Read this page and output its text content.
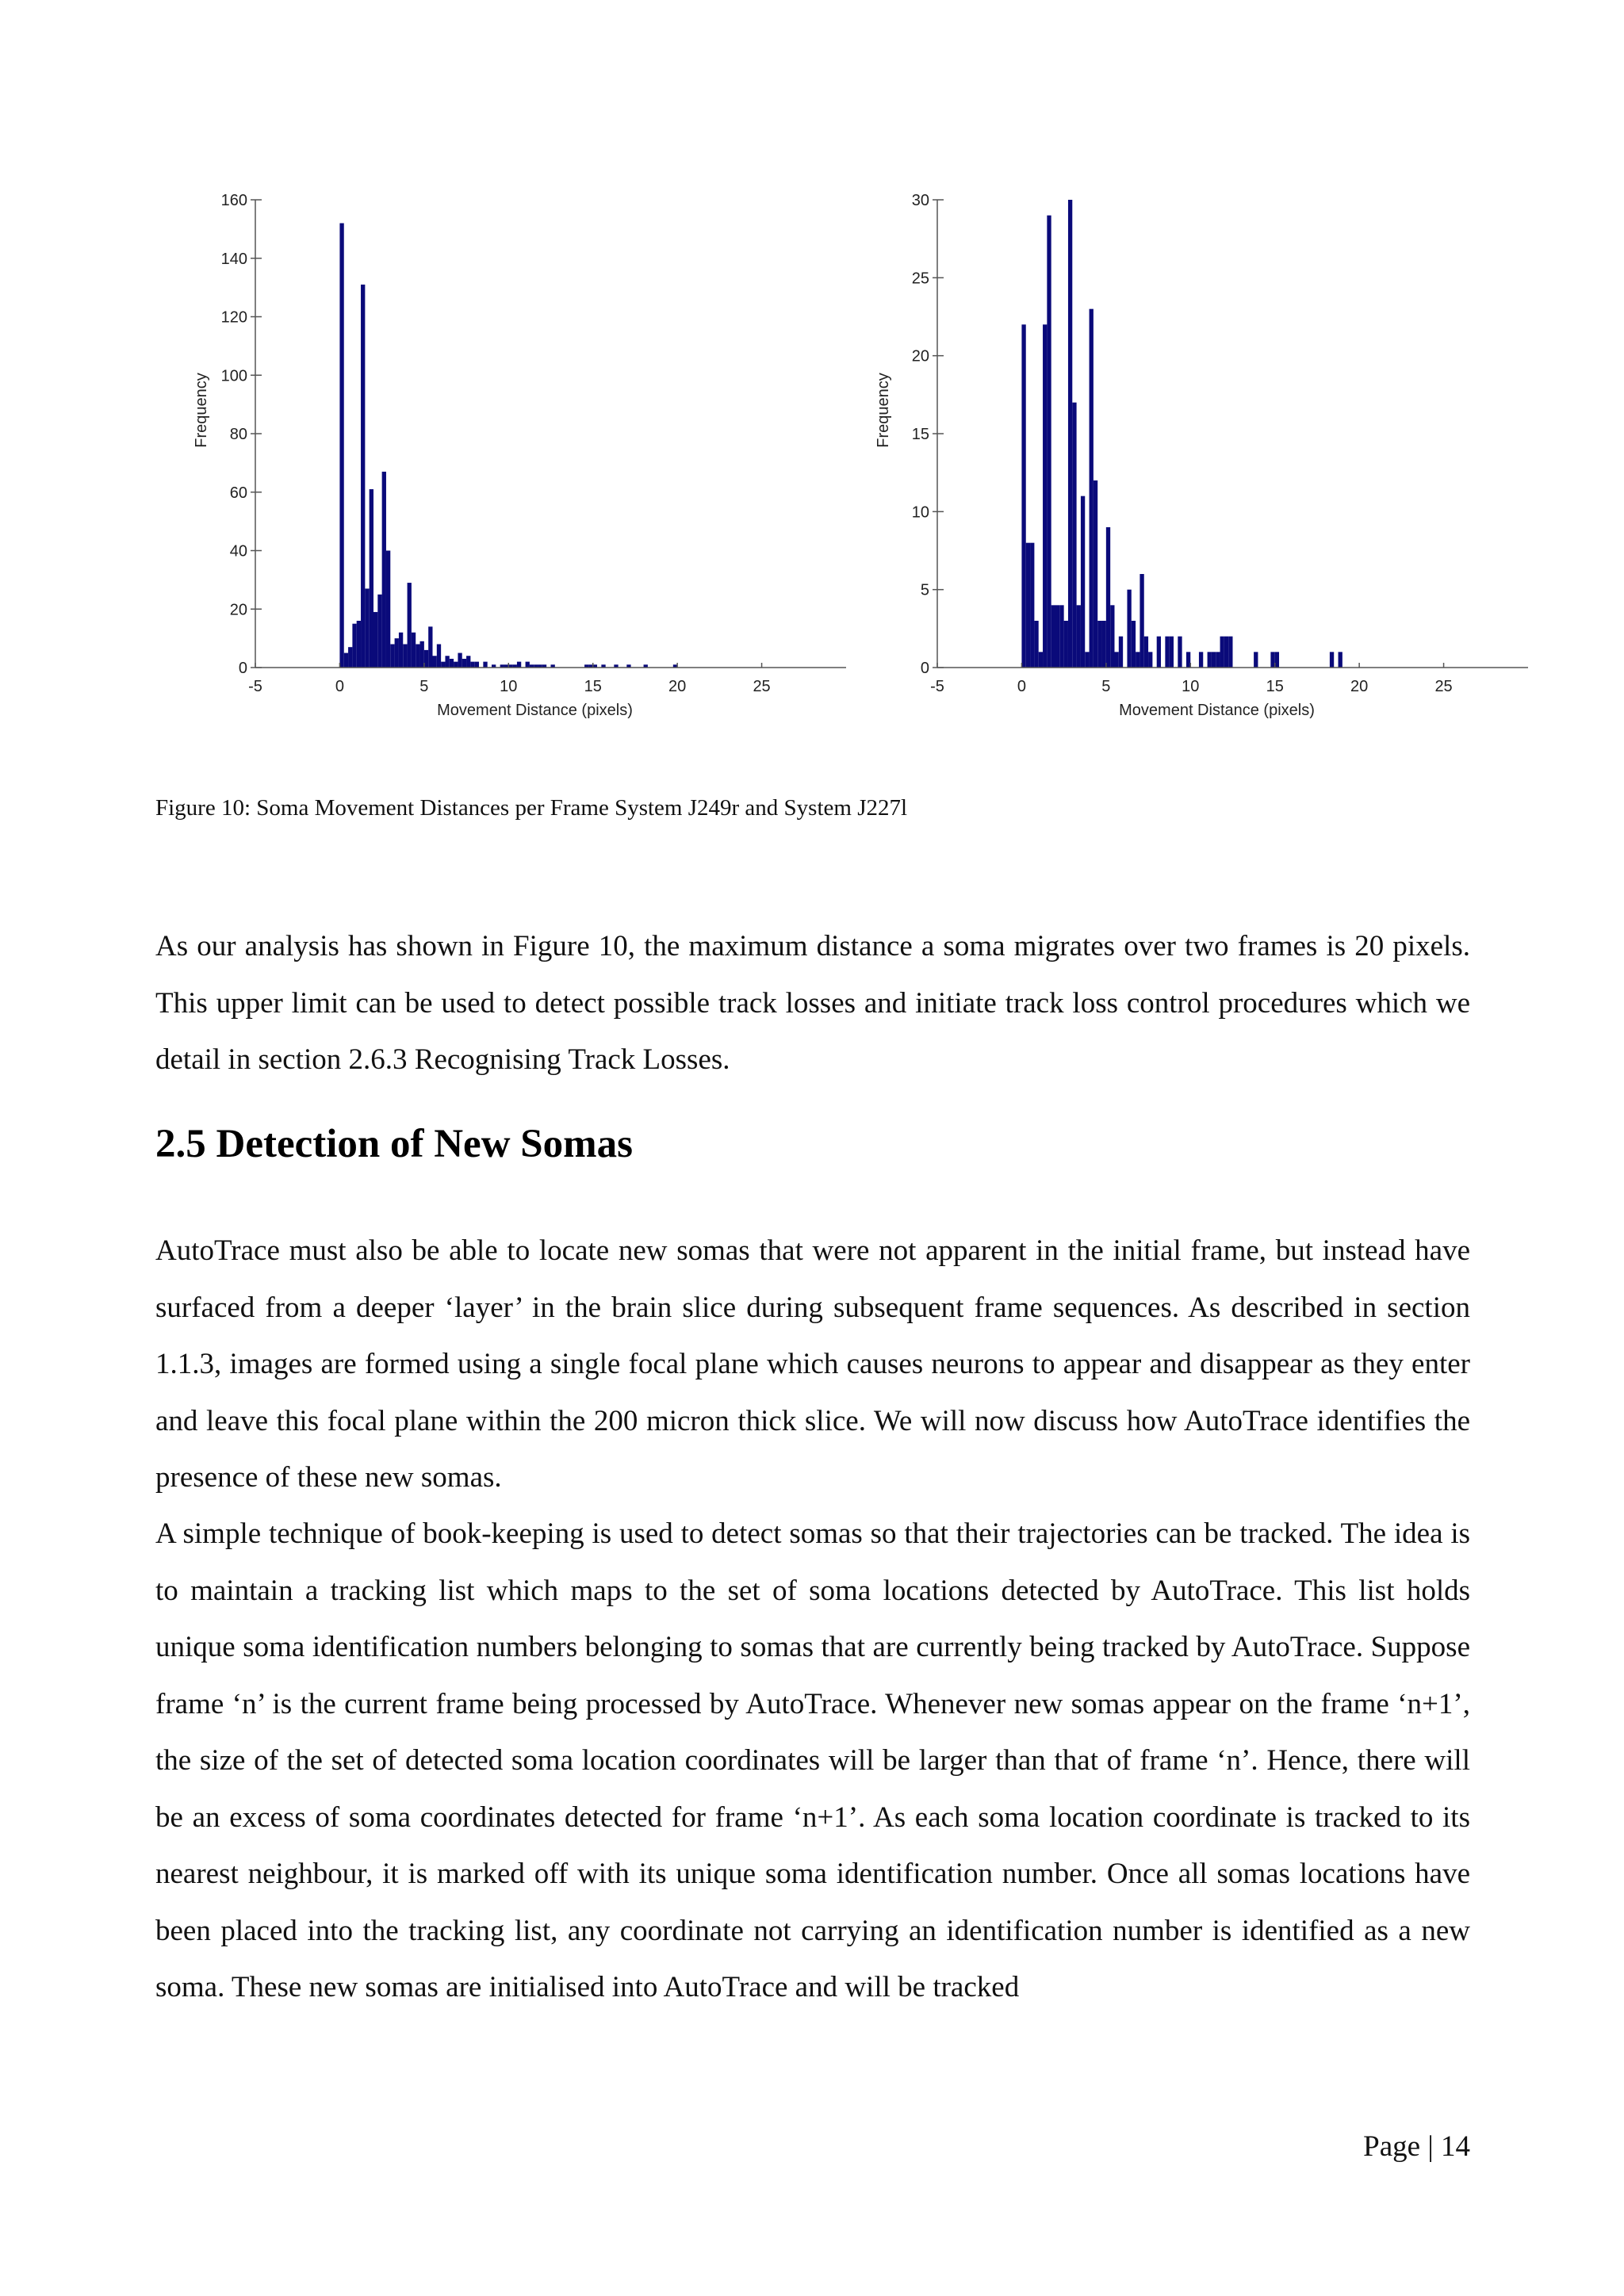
0
20
40
60
80
100
120
140
160
-5	0	5	10	15	20	25
Movement Distance (pixels)
Frequency
0
5
10
15
20
25
30
-5	0	5	10	15	20	25
Movement Distance (pixels)
Frequency
Figure 10: Soma Movement Distances per Frame System J249r and System J227l

As our analysis has shown in Figure 10, the maximum distance a soma migrates over two frames is 20 pixels. This upper limit can be used to detect possible track losses and initiate track loss control procedures which we detail in section 2.6.3 Recognising Track Losses.

2.5 Detection of New Somas

AutoTrace must also be able to locate new somas that were not apparent in the initial frame, but instead have surfaced from a deeper ‘layer’ in the brain slice during subsequent frame sequences. As described in section 1.1.3, images are formed using a single focal plane which causes neurons to appear and disappear as they enter and leave this focal plane within the 200 micron thick slice. We will now discuss how AutoTrace identifies the presence of these new somas.

A simple technique of book-keeping is used to detect somas so that their trajectories can be tracked. The idea is to maintain a tracking list which maps to the set of soma locations detected by AutoTrace. This list holds unique soma identification numbers belonging to somas that are currently being tracked by AutoTrace. Suppose frame ‘n’ is the current frame being processed by AutoTrace. Whenever new somas appear on the frame ‘n+1’, the size of the set of detected soma location coordinates will be larger than that of frame ‘n’. Hence, there will be an excess of soma coordinates detected for frame ‘n+1’. As each soma location coordinate is tracked to its nearest neighbour, it is marked off with its unique soma identification number. Once all somas locations have been placed into the tracking list, any coordinate not carrying an identification number is identified as a new soma. These new somas are initialised into AutoTrace and will be tracked

Page | 14
